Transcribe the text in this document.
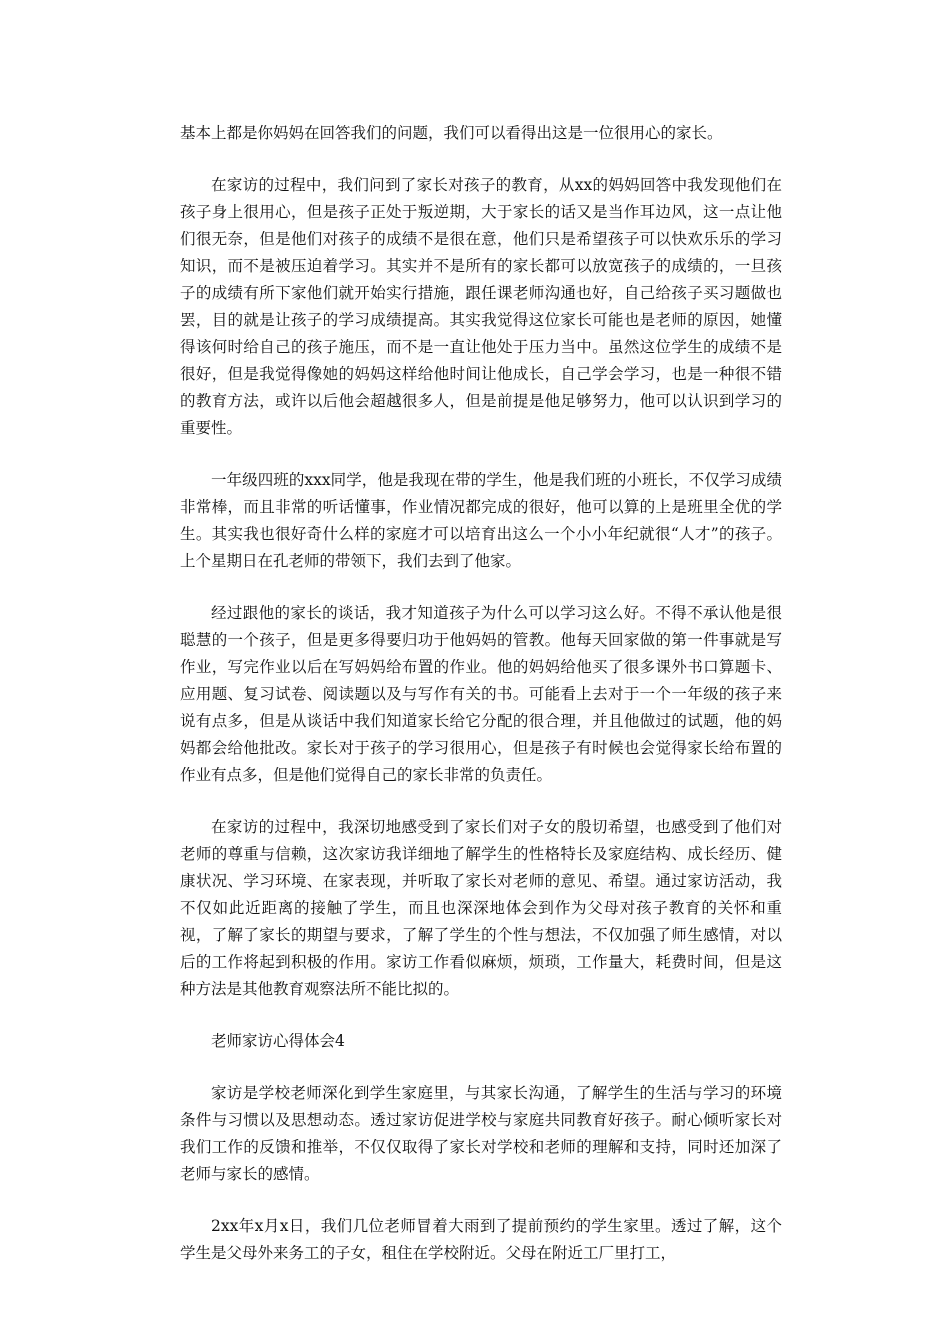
基本上都是你妈妈在回答我们的问题，我们可以看得出这是一位很用心的家长。

在家访的过程中，我们问到了家长对孩子的教育，从xx的妈妈回答中我发现他们在孩子身上很用心，但是孩子正处于叛逆期，大于家长的话又是当作耳边风，这一点让他们很无奈，但是他们对孩子的成绩不是很在意，他们只是希望孩子可以快欢乐乐的学习知识，而不是被压迫着学习。其实并不是所有的家长都可以放宽孩子的成绩的，一旦孩子的成绩有所下家他们就开始实行措施，跟任课老师沟通也好，自己给孩子买习题做也罢，目的就是让孩子的学习成绩提高。其实我觉得这位家长可能也是老师的原因，她懂得该何时给自己的孩子施压，而不是一直让他处于压力当中。虽然这位学生的成绩不是很好，但是我觉得像她的妈妈这样给他时间让他成长，自己学会学习，也是一种很不错的教育方法，或许以后他会超越很多人，但是前提是他足够努力，他可以认识到学习的重要性。

一年级四班的xxx同学，他是我现在带的学生，他是我们班的小班长，不仅学习成绩非常棒，而且非常的听话懂事，作业情况都完成的很好，他可以算的上是班里全优的学生。其实我也很好奇什么样的家庭才可以培育出这么一个小小年纪就很“人才”的孩子。上个星期日在孔老师的带领下，我们去到了他家。

经过跟他的家长的谈话，我才知道孩子为什么可以学习这么好。不得不承认他是很聪慧的一个孩子，但是更多得要归功于他妈妈的管教。他每天回家做的第一件事就是写作业，写完作业以后在写妈妈给布置的作业。他的妈妈给他买了很多课外书口算题卡、应用题、复习试卷、阅读题以及与写作有关的书。可能看上去对于一个一年级的孩子来说有点多，但是从谈话中我们知道家长给它分配的很合理，并且他做过的试题，他的妈妈都会给他批改。家长对于孩子的学习很用心，但是孩子有时候也会觉得家长给布置的作业有点多，但是他们觉得自己的家长非常的负责任。

在家访的过程中，我深切地感受到了家长们对子女的殷切希望，也感受到了他们对老师的尊重与信赖，这次家访我详细地了解学生的性格特长及家庭结构、成长经历、健康状况、学习环境、在家表现，并听取了家长对老师的意见、希望。通过家访活动，我不仅如此近距离的接触了学生，而且也深深地体会到作为父母对孩子教育的关怀和重视，了解了家长的期望与要求，了解了学生的个性与想法，不仅加强了师生感情，对以后的工作将起到积极的作用。家访工作看似麻烦，烦琐，工作量大，耗费时间，但是这种方法是其他教育观察法所不能比拟的。

老师家访心得体会4

家访是学校老师深化到学生家庭里，与其家长沟通，了解学生的生活与学习的环境条件与习惯以及思想动态。透过家访促进学校与家庭共同教育好孩子。耐心倾听家长对我们工作的反馈和推举，不仅仅取得了家长对学校和老师的理解和支持，同时还加深了老师与家长的感情。

2xx年x月x日，我们几位老师冒着大雨到了提前预约的学生家里。透过了解，这个学生是父母外来务工的子女，租住在学校附近。父母在附近工厂里打工，
